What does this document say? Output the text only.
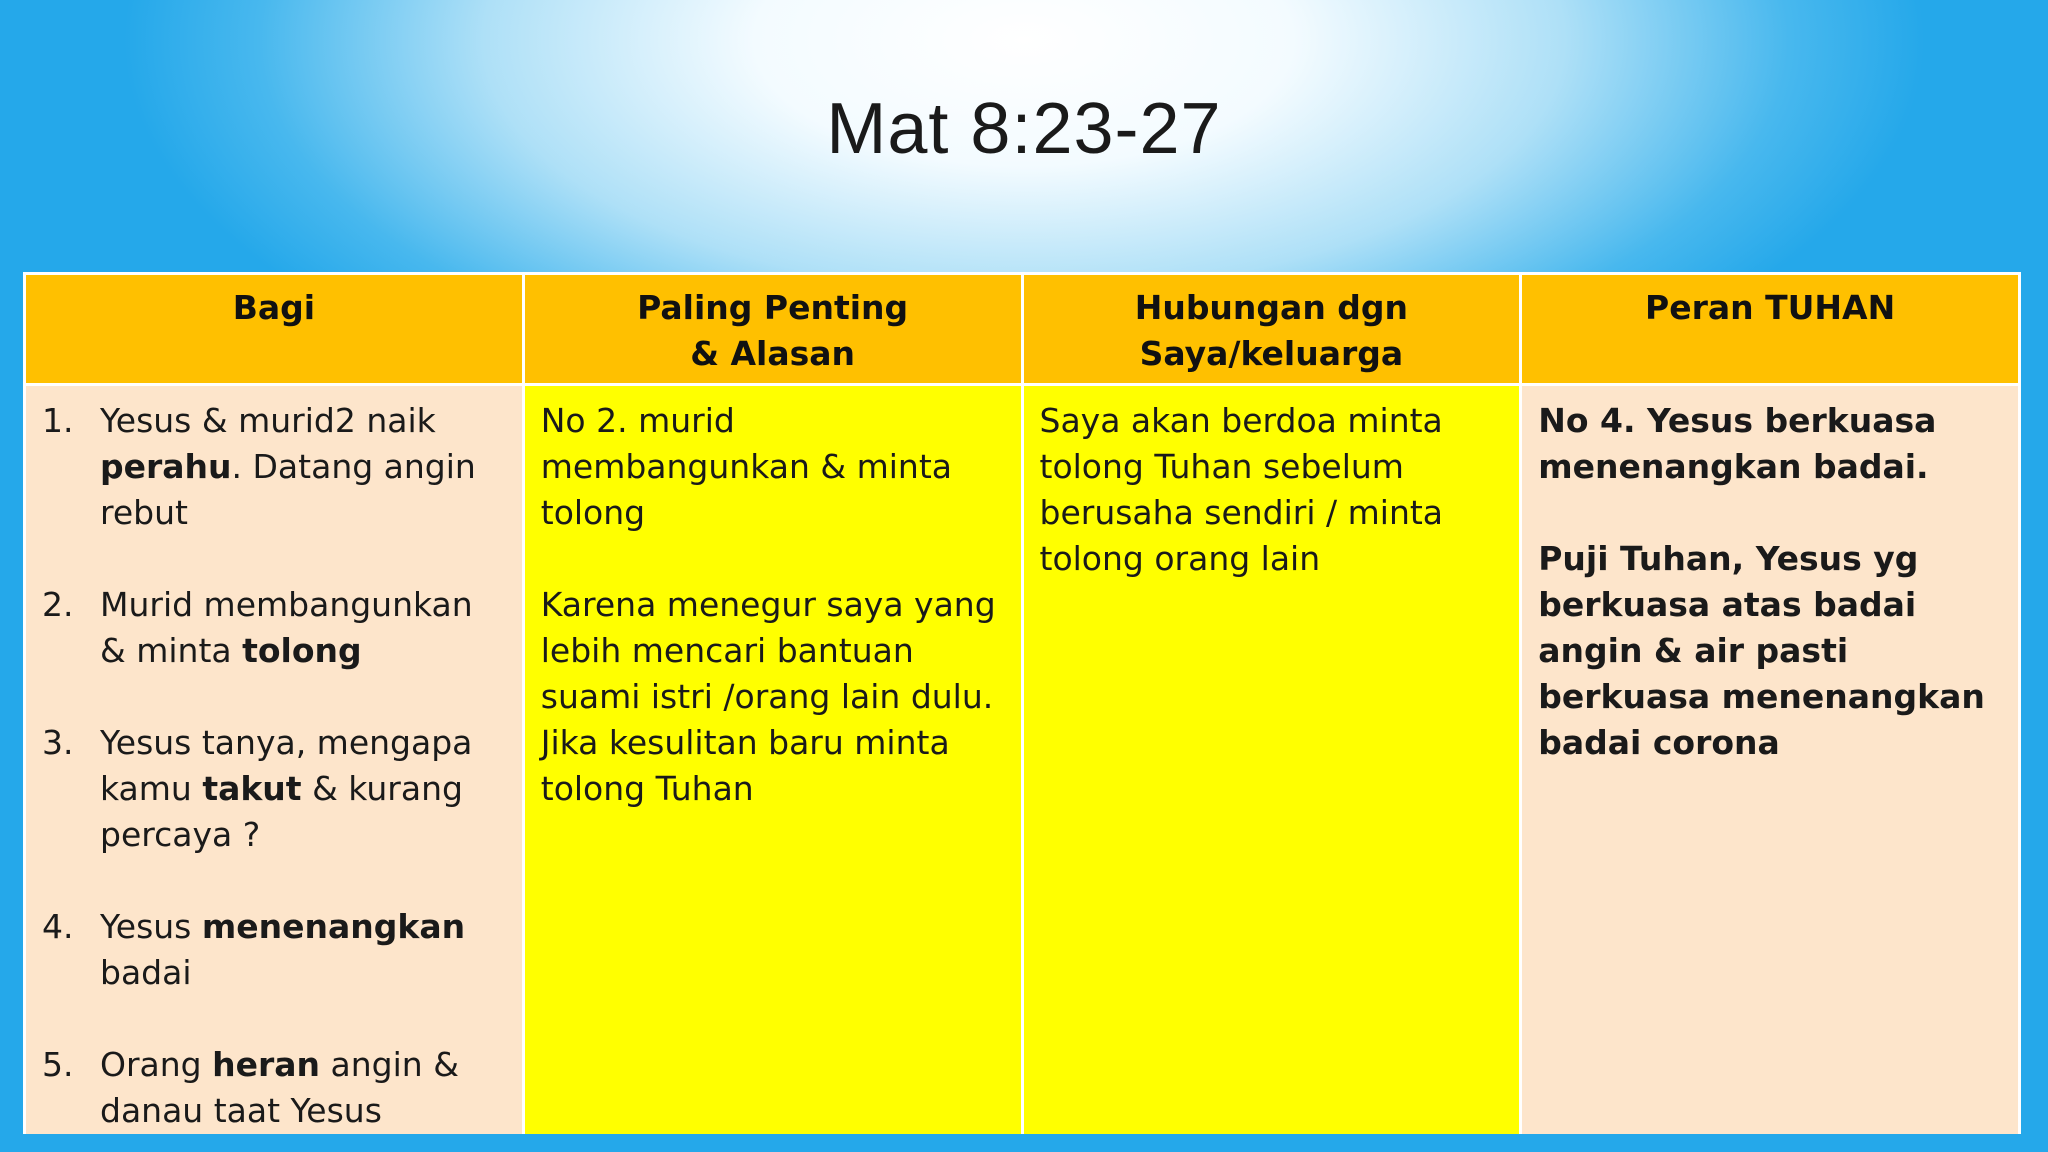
Mat 8:23-27
Bagi	Paling Penting
& Alasan
Hubungan dgn
Saya/keluarga
Peran TUHAN
1. Yesus & murid2 naik perahu. Datang angin rebut
2. Murid membangunkan & minta tolong
3. Yesus tanya, mengapa kamu takut & kurang percaya ?
4. Yesus menenangkan badai
5. Orang heran angin & danau taat Yesus
No 2. murid membangunkan & minta tolong
Karena menegur saya yang lebih mencari bantuan suami istri /orang lain dulu. Jika kesulitan baru minta tolong Tuhan
Saya akan berdoa minta tolong Tuhan sebelum berusaha sendiri / minta tolong orang lain
No 4. Yesus berkuasa menenangkan badai.
Puji Tuhan, Yesus yg berkuasa atas badai angin & air pasti berkuasa menenangkan badai corona
